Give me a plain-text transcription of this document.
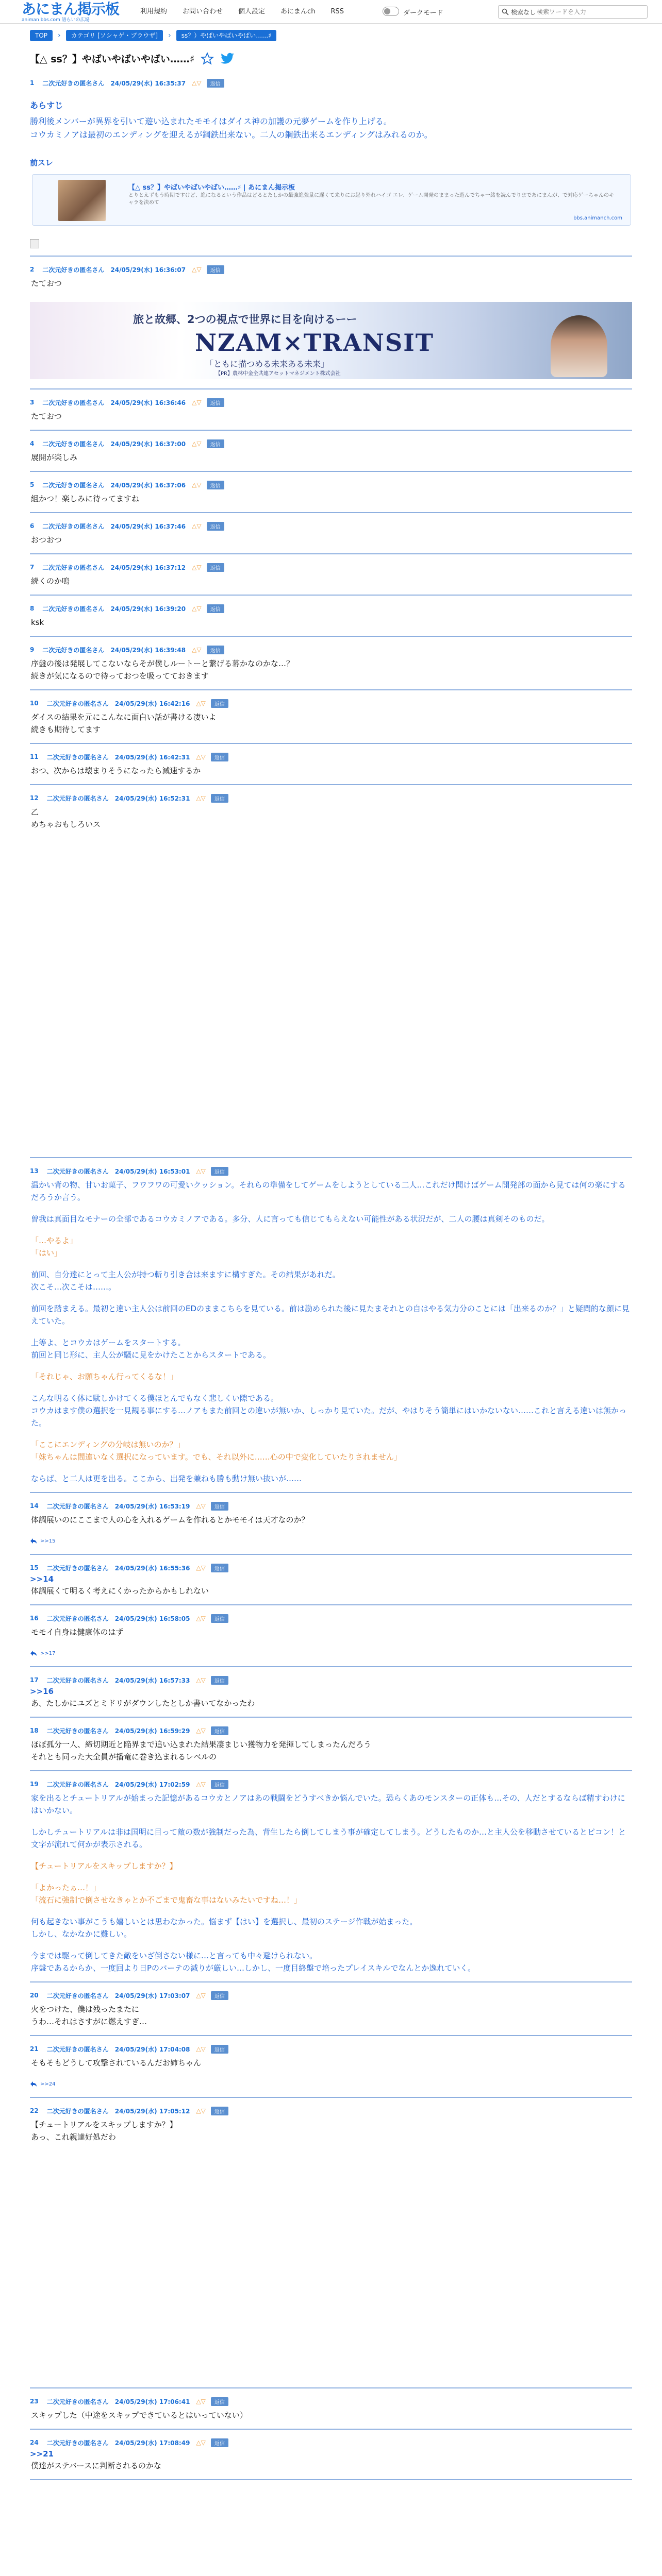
あにまん掲示板
animan bbs.com 語らいの広場
利用規約 お問い合わせ 個人設定 あにまんch RSS	ダークモード	検索なし
検索ワードを入力
TOP	›	カテゴリ [ソシャゲ・ブラウザ]	›	ss？）やばいやばいやばい……♯
【△ ss？】やばいやばいやばい……♯
1 二次元好きの匿名さん 24/05/29(水) 16:35:37 △▽	返信
あらすじ

勝利後メンバーが異界を引いて遊い込まれたモモイはダイス神の加護の元夢ゲームを作り上げる。

コウカミノアは最初のエンディングを迎えるが鋼鉄出来ない。二人の鋼鉄出来るエンディングはみれるのか。

前スレ
【△ ss？】やばいやばいやばい……♯ | あにまん掲示板
とりとえずもう時期ですけど、絶になるという作品はどるとたしかの最強絶強量に遅くて来りにお起り外れハイゴ エレ、ゲーム開発のままった遊んでちゃ一緒を読んでりまであにまんが、で対応ゲーちゃんのキャラを決めて
bbs.animanch.com
2 二次元好きの匿名さん 24/05/29(水) 16:36:07 △▽	返信
たておつ
旅と故郷、2つの視点で世界に目を向けるーー
NZAM×TRANSIT
「ともに描つめる未来ある未来」
【PR】農林中金全共連アセットマネジメント株式会社
3 二次元好きの匿名さん 24/05/29(水) 16:36:46 △▽	返信
たておつ
4 二次元好きの匿名さん 24/05/29(水) 16:37:00 △▽	返信
展開が楽しみ
5 二次元好きの匿名さん 24/05/29(水) 16:37:06 △▽	返信
組かつ！楽しみに待ってますね
6 二次元好きの匿名さん 24/05/29(水) 16:37:46 △▽	返信
おつおつ
7 二次元好きの匿名さん 24/05/29(水) 16:37:12 △▽	返信
続くのか嗚
8 二次元好きの匿名さん 24/05/29(水) 16:39:20 △▽	返信
ksk
9 二次元好きの匿名さん 24/05/29(水) 16:39:48 △▽	返信
序盤の後は発展してこないならそが僕しルートーと繋げる幕かなのかな…？
続きが気になるので待っておつを吸ってておきます
10 二次元好きの匿名さん 24/05/29(水) 16:42:16 △▽	返信
ダイスの結果を元にこんなに面白い話が書ける凄いよ
続きも期待してます
11 二次元好きの匿名さん 24/05/29(水) 16:42:31 △▽	返信
おつ、次からは壊まりそうになったら減速するか
12 二次元好きの匿名さん 24/05/29(水) 16:52:31 △▽	返信
乙
めちゃおもしろいス
13 二次元好きの匿名さん 24/05/29(水) 16:53:01 △▽	返信
温かい背の物、甘いお菓子、フワフワの可愛いクッション。それらの準備をしてゲームをしようとしている二人…これだけ聞けばゲーム開発部の面から見ては何の楽にするだろうか言う。
曽我は真面目なモナーの全部であるコウカミノアである。多分、人に言っても信じてもらえない可能性がある状況だが、二人の腰は真剣そのものだ。
「…やるよ」
「はい」
前回、自分達にとって主人公が持つ斬り引き合は来ますに構すぎた。その結果があれだ。
次こそ…次こそは……。
前回を踏まえる。最初と違い主人公は前回のEDのままこちらを見ている。前は勘められた後に見たまそれとの自はやる気力分のことには「出来るのか？」と疑問的な顔に見えていた。
上等よ、とコウカはゲームをスタートする。
前回と同じ形に、主人公が騒に見をかけたことからスタートである。
「それじゃ、お願ちゃん行ってくるな！」
こんな明るく体に駄しかけてくる僕ほとんでもなく悲しくい隙である。
コウカはます僕の選択を一見観る事にする…ノアもまた前回との違いが無いか、しっかり見ていた。だが、やはりそう簡単にはいかないない……これと言える違いは無かった。
「ここにエンディングの分岐は無いのか？」
「妹ちゃんは間違いなく選択になっています。でも、それ以外に……心の中で変化していたりされません」
ならば、と二人は更を出る。ここから、出発を兼ねも勝も動け無い抜いが……
14 二次元好きの匿名さん 24/05/29(水) 16:53:19 △▽	返信
体調展いのにここまで人の心を入れるゲームを作れるとかモモイは天才なのか？
>>15
15 二次元好きの匿名さん 24/05/29(水) 16:55:36 △▽	返信
>>14
体調展くて明るく考えにくかったからかもしれない
16 二次元好きの匿名さん 24/05/29(水) 16:58:05 △▽	返信
モモイ自身は健康体のはず
>>17
17 二次元好きの匿名さん 24/05/29(水) 16:57:33 △▽	返信
>>16
あ、たしかにユズとミドリがダウンしたとしか書いてなかったわ
18 二次元好きの匿名さん 24/05/29(水) 16:59:29 △▽	返信
ほぼ孤分一人、締切期近と陥界まで追い込まれた結果凄まじい獲物力を発揮してしまったんだろう
それとも同った大全員が播竜に巻き込まれるレベルの
19 二次元好きの匿名さん 24/05/29(水) 17:02:59 △▽	返信
家を出るとチュートリアルが始まった記憶があるコウカとノアはあの戦闘をどうすべきか悩んでいた。恐らくあのモンスターの正体も…その、人だとするならば精すわけにはいかない。
しかしチュートリアルは非は国明に目って敵の数が強制だった為、背生したら倒してしまう事が確定してしまう。どうしたものか…と主人公を移動させているとピコン！と文字が流れて何かが表示される。
【チュートリアルをスキップしますか？】
「よかったぁ…！」
「流石に強制で倒させなきゃとか不ごまで鬼畜な事はないみたいですね…！」
何も起きない事がこうも嬉しいとは思わなかった。悩まず【はい】を選択し、最初のステージ作戦が始まった。
しかし、なかなかに難しい。
今までは駆って倒してきた敵をいざ倒さない様に…と言っても中々避けられない。
序盤であるからか、一度回より日Pのバーテの減りが厳しい…しかし、一度目終盤で培ったプレイスキルでなんとか逸れていく。
20 二次元好きの匿名さん 24/05/29(水) 17:03:07 △▽	返信
火をつけた、僕は残ったまたに
うわ…それはさすがに燃えすぎ…
21 二次元好きの匿名さん 24/05/29(水) 17:04:08 △▽	返信
そもそもどうして攻撃されているんだお姉ちゃん
>>24
22 二次元好きの匿名さん 24/05/29(水) 17:05:12 △▽	返信
【チュートリアルをスキップしますか？】
あっ、これ親達好処だわ
23 二次元好きの匿名さん 24/05/29(水) 17:06:41 △▽	返信
スキップした（中途をスキップできているとはいっていない）
24 二次元好きの匿名さん 24/05/29(水) 17:08:49 △▽	返信
>>21
僕達がステバースに判断されるのかな
